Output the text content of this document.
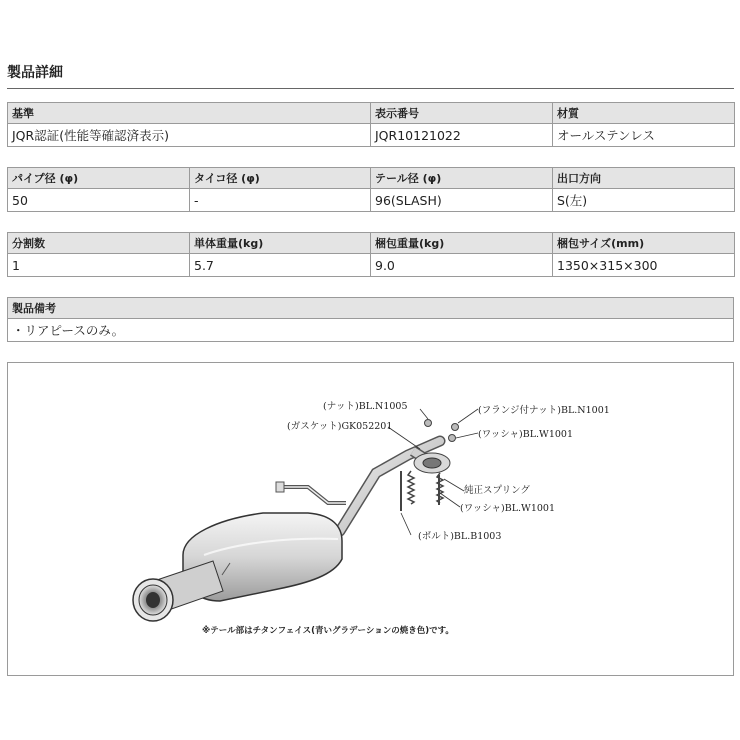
製品詳細
基準	表示番号	材質
JQR認証(性能等確認済表示)	JQR10121022	オールステンレス
パイプ径 (φ)	タイコ径 (φ)	テール径 (φ)	出口方向
50	-	96(SLASH)	S(左)
分割数	単体重量(kg)	梱包重量(kg)	梱包サイズ(mm)
1	5.7	9.0	1350×315×300
製品備考
・リアピースのみ。
(ナット)BL.N1005
(ガスケット)GK052201
(フランジ付ナット)BL.N1001
(ワッシャ)BL.W1001
純正スプリング
(ワッシャ)BL.W1001
(ボルト)BL.B1003
※テール部はチタンフェイス(青いグラデーションの焼き色)です。
